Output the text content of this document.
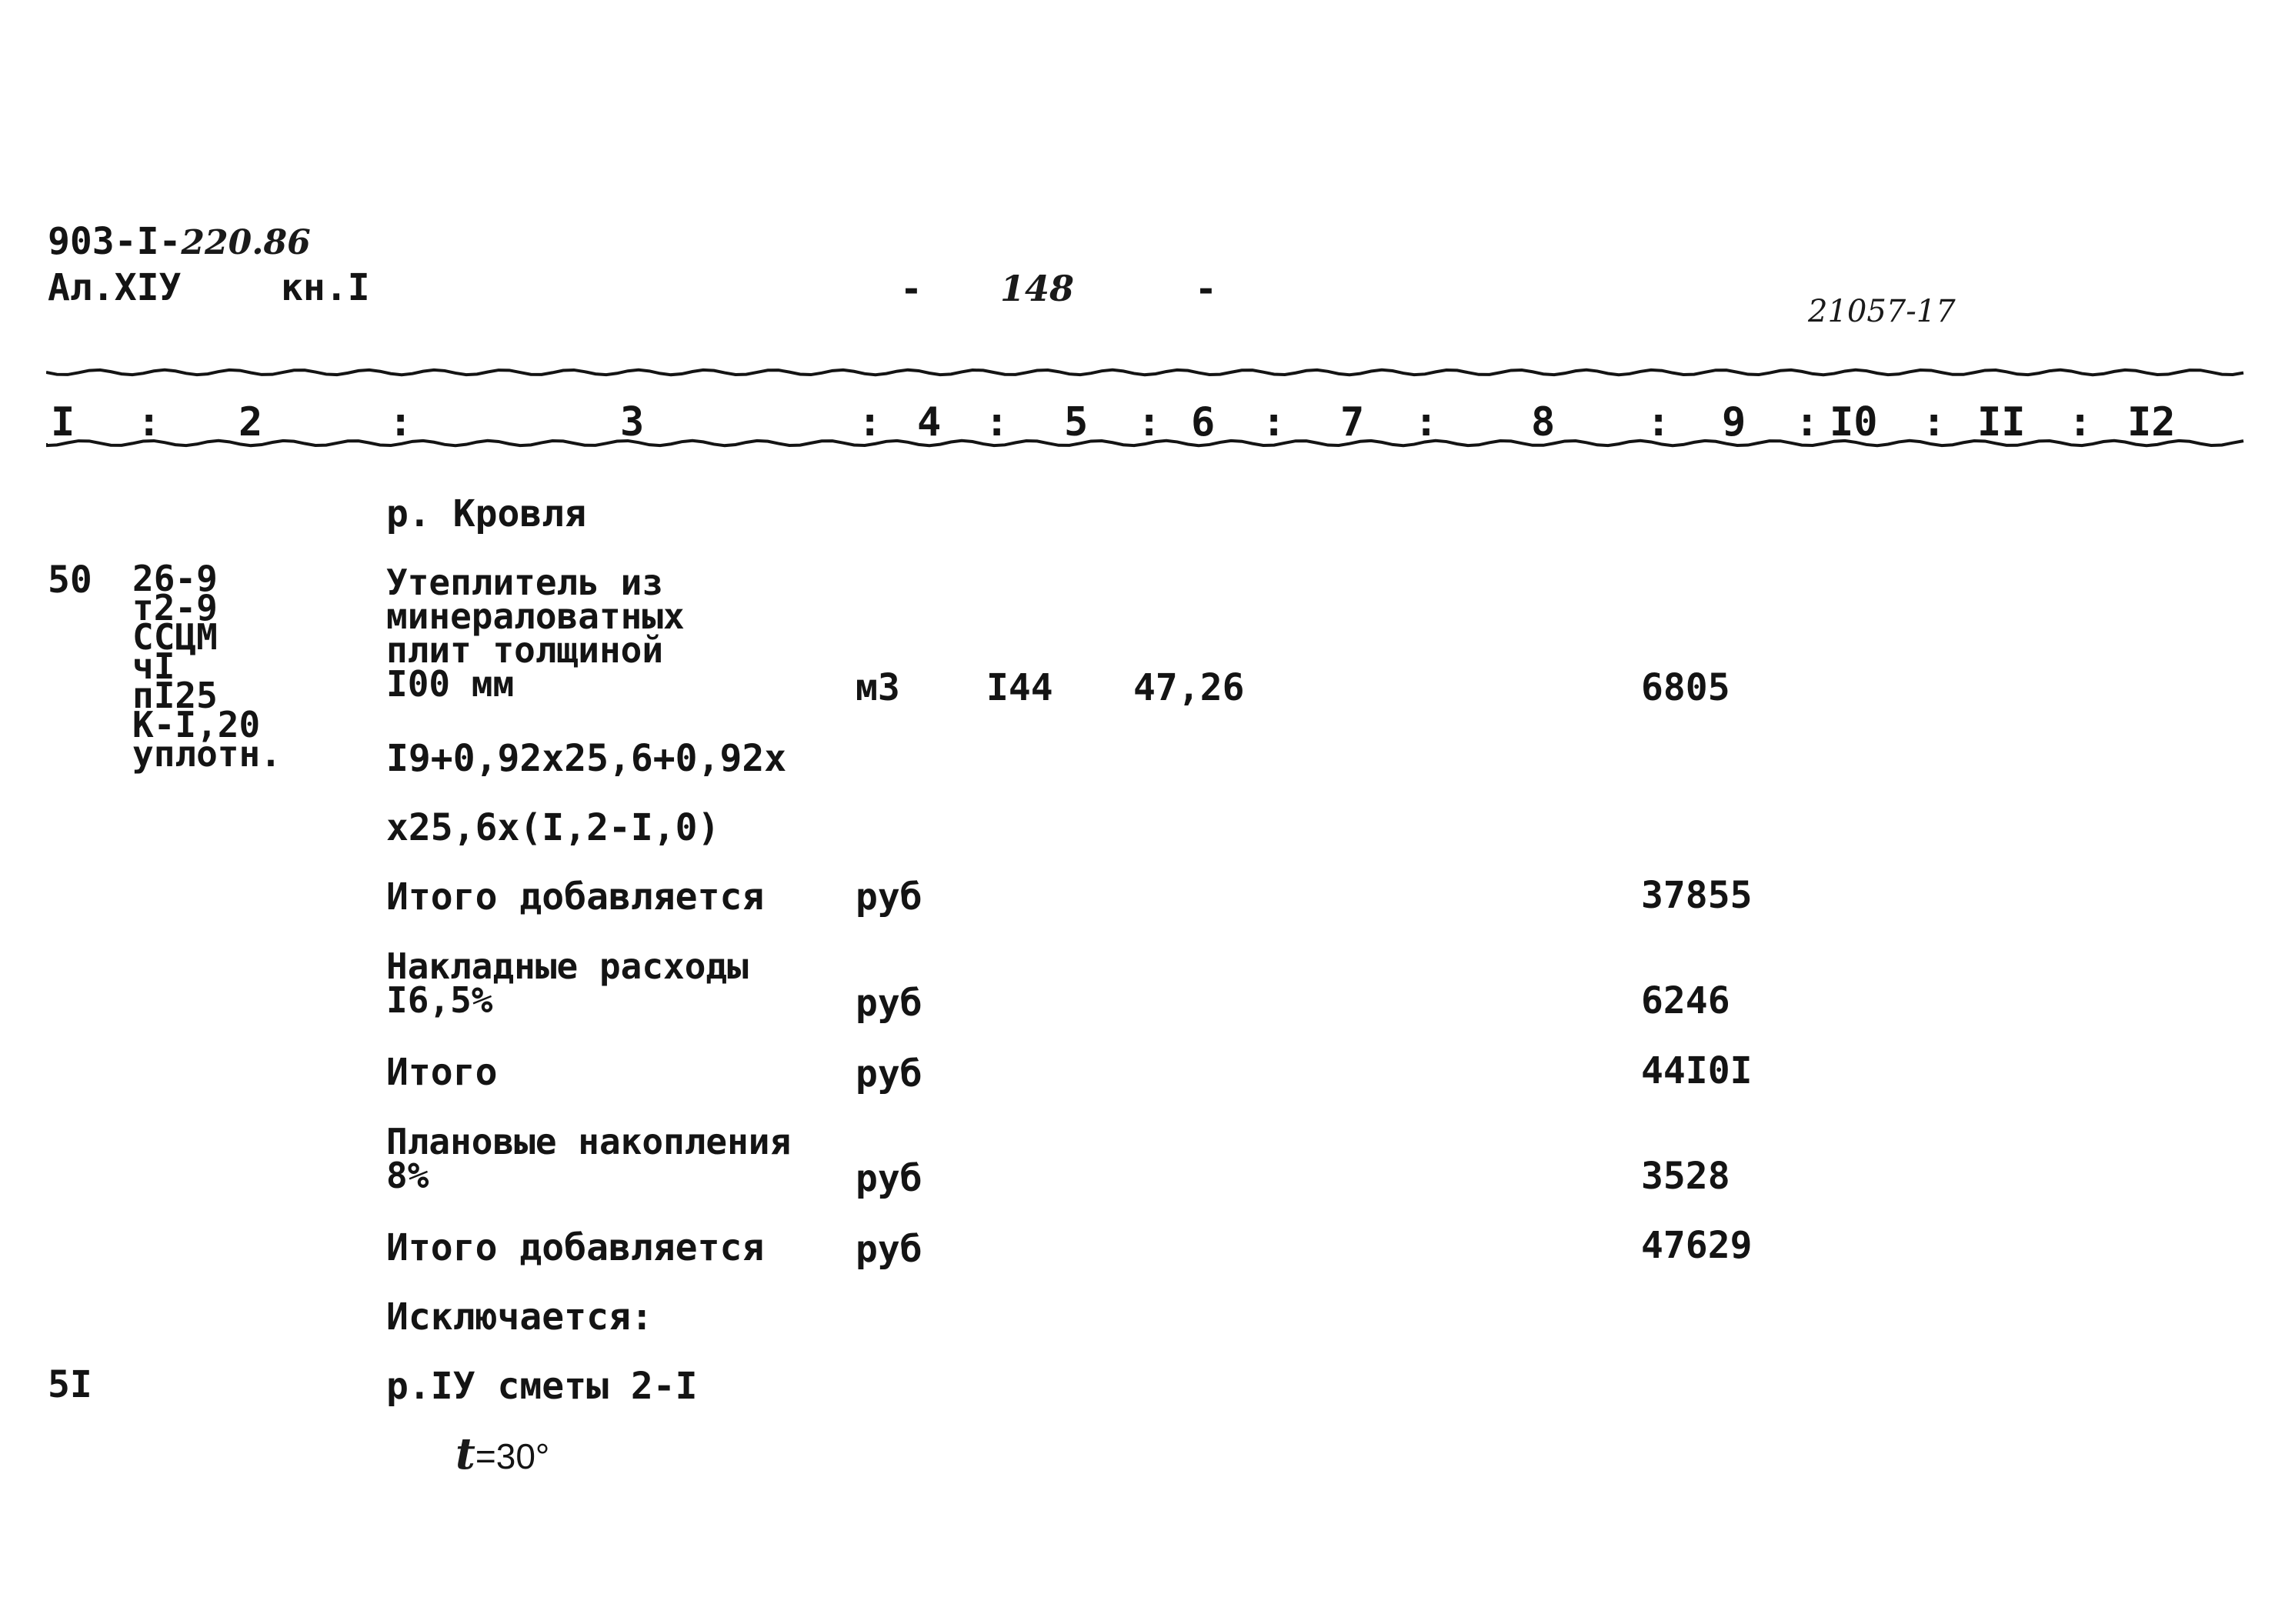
903-I-220.86
Ал.XIУ	кн.I	- 148	-
21057-17
I : 2	:	3	: 4 : 5 : 6 : 7 : 8 : 9 : I0 : II : I2
р. Кровля
50 26-9
т2-9
ССЦМ
чI
пI25
К-I,20
уплотн.
Утеплитель из
минераловатных
плит толщиной
I00 мм	м3 I44 47,26	6805
I9+0,92x25,6+0,92x
x25,6x(I,2-I,0)
Итого добавляется руб	37855
Накладные расходы
I6,5%	руб	6246
Итого	руб	44I0I
Плановые накопления
8%	руб	3528
Итого добавляется руб	47629
Исключается:
5I	р.IУ сметы 2-I
t=30°
